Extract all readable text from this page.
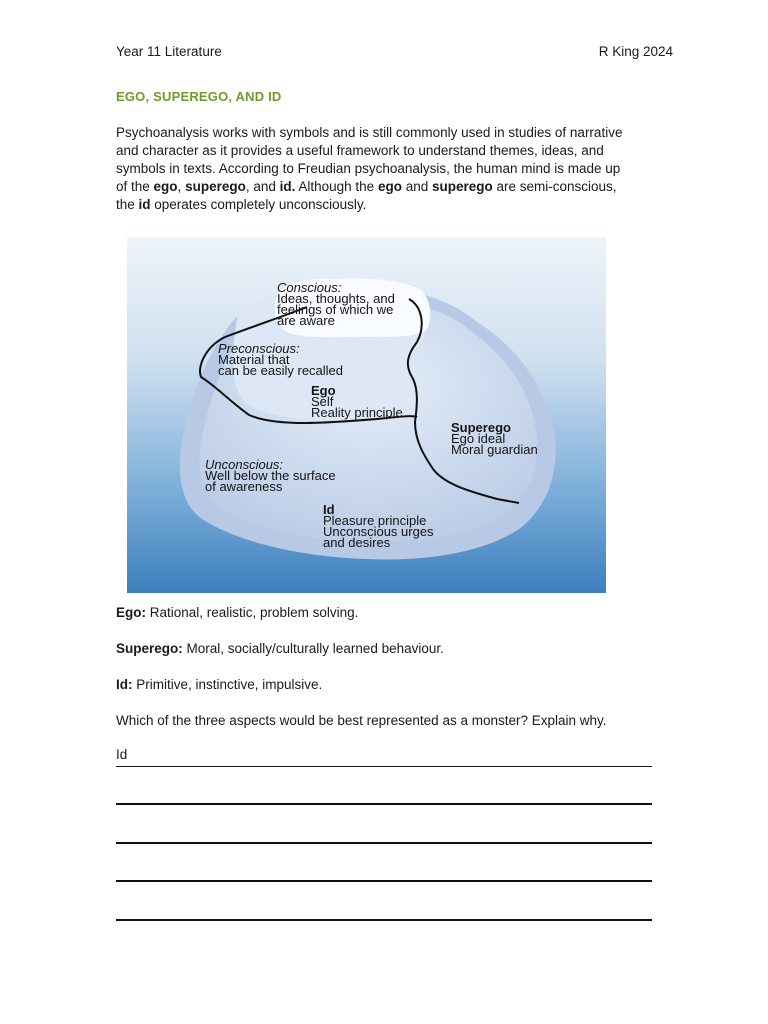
Year 11 Literature	R King 2024
EGO, SUPEREGO, AND ID

Psychoanalysis works with symbols and is still commonly used in studies of narrative
and character as it provides a useful framework to understand themes, ideas, and
symbols in texts. According to Freudian psychoanalysis, the human mind is made up
of the ego, superego, and id. Although the ego and superego are semi-conscious,
the id operates completely unconsciously.

Conscious:
Ideas, thoughts, and
feelings of which we
are aware
Preconscious:
Material that
can be easily recalled
Ego
Self
Reality principle
Superego
Ego ideal
Moral guardian
Unconscious:
Well below the surface
of awareness
Id
Pleasure principle
Unconscious urges
and desires

Ego: Rational, realistic, problem solving.

Superego: Moral, socially/culturally learned behaviour.

Id: Primitive, instinctive, impulsive.

Which of the three aspects would be best represented as a monster? Explain why.

Id
